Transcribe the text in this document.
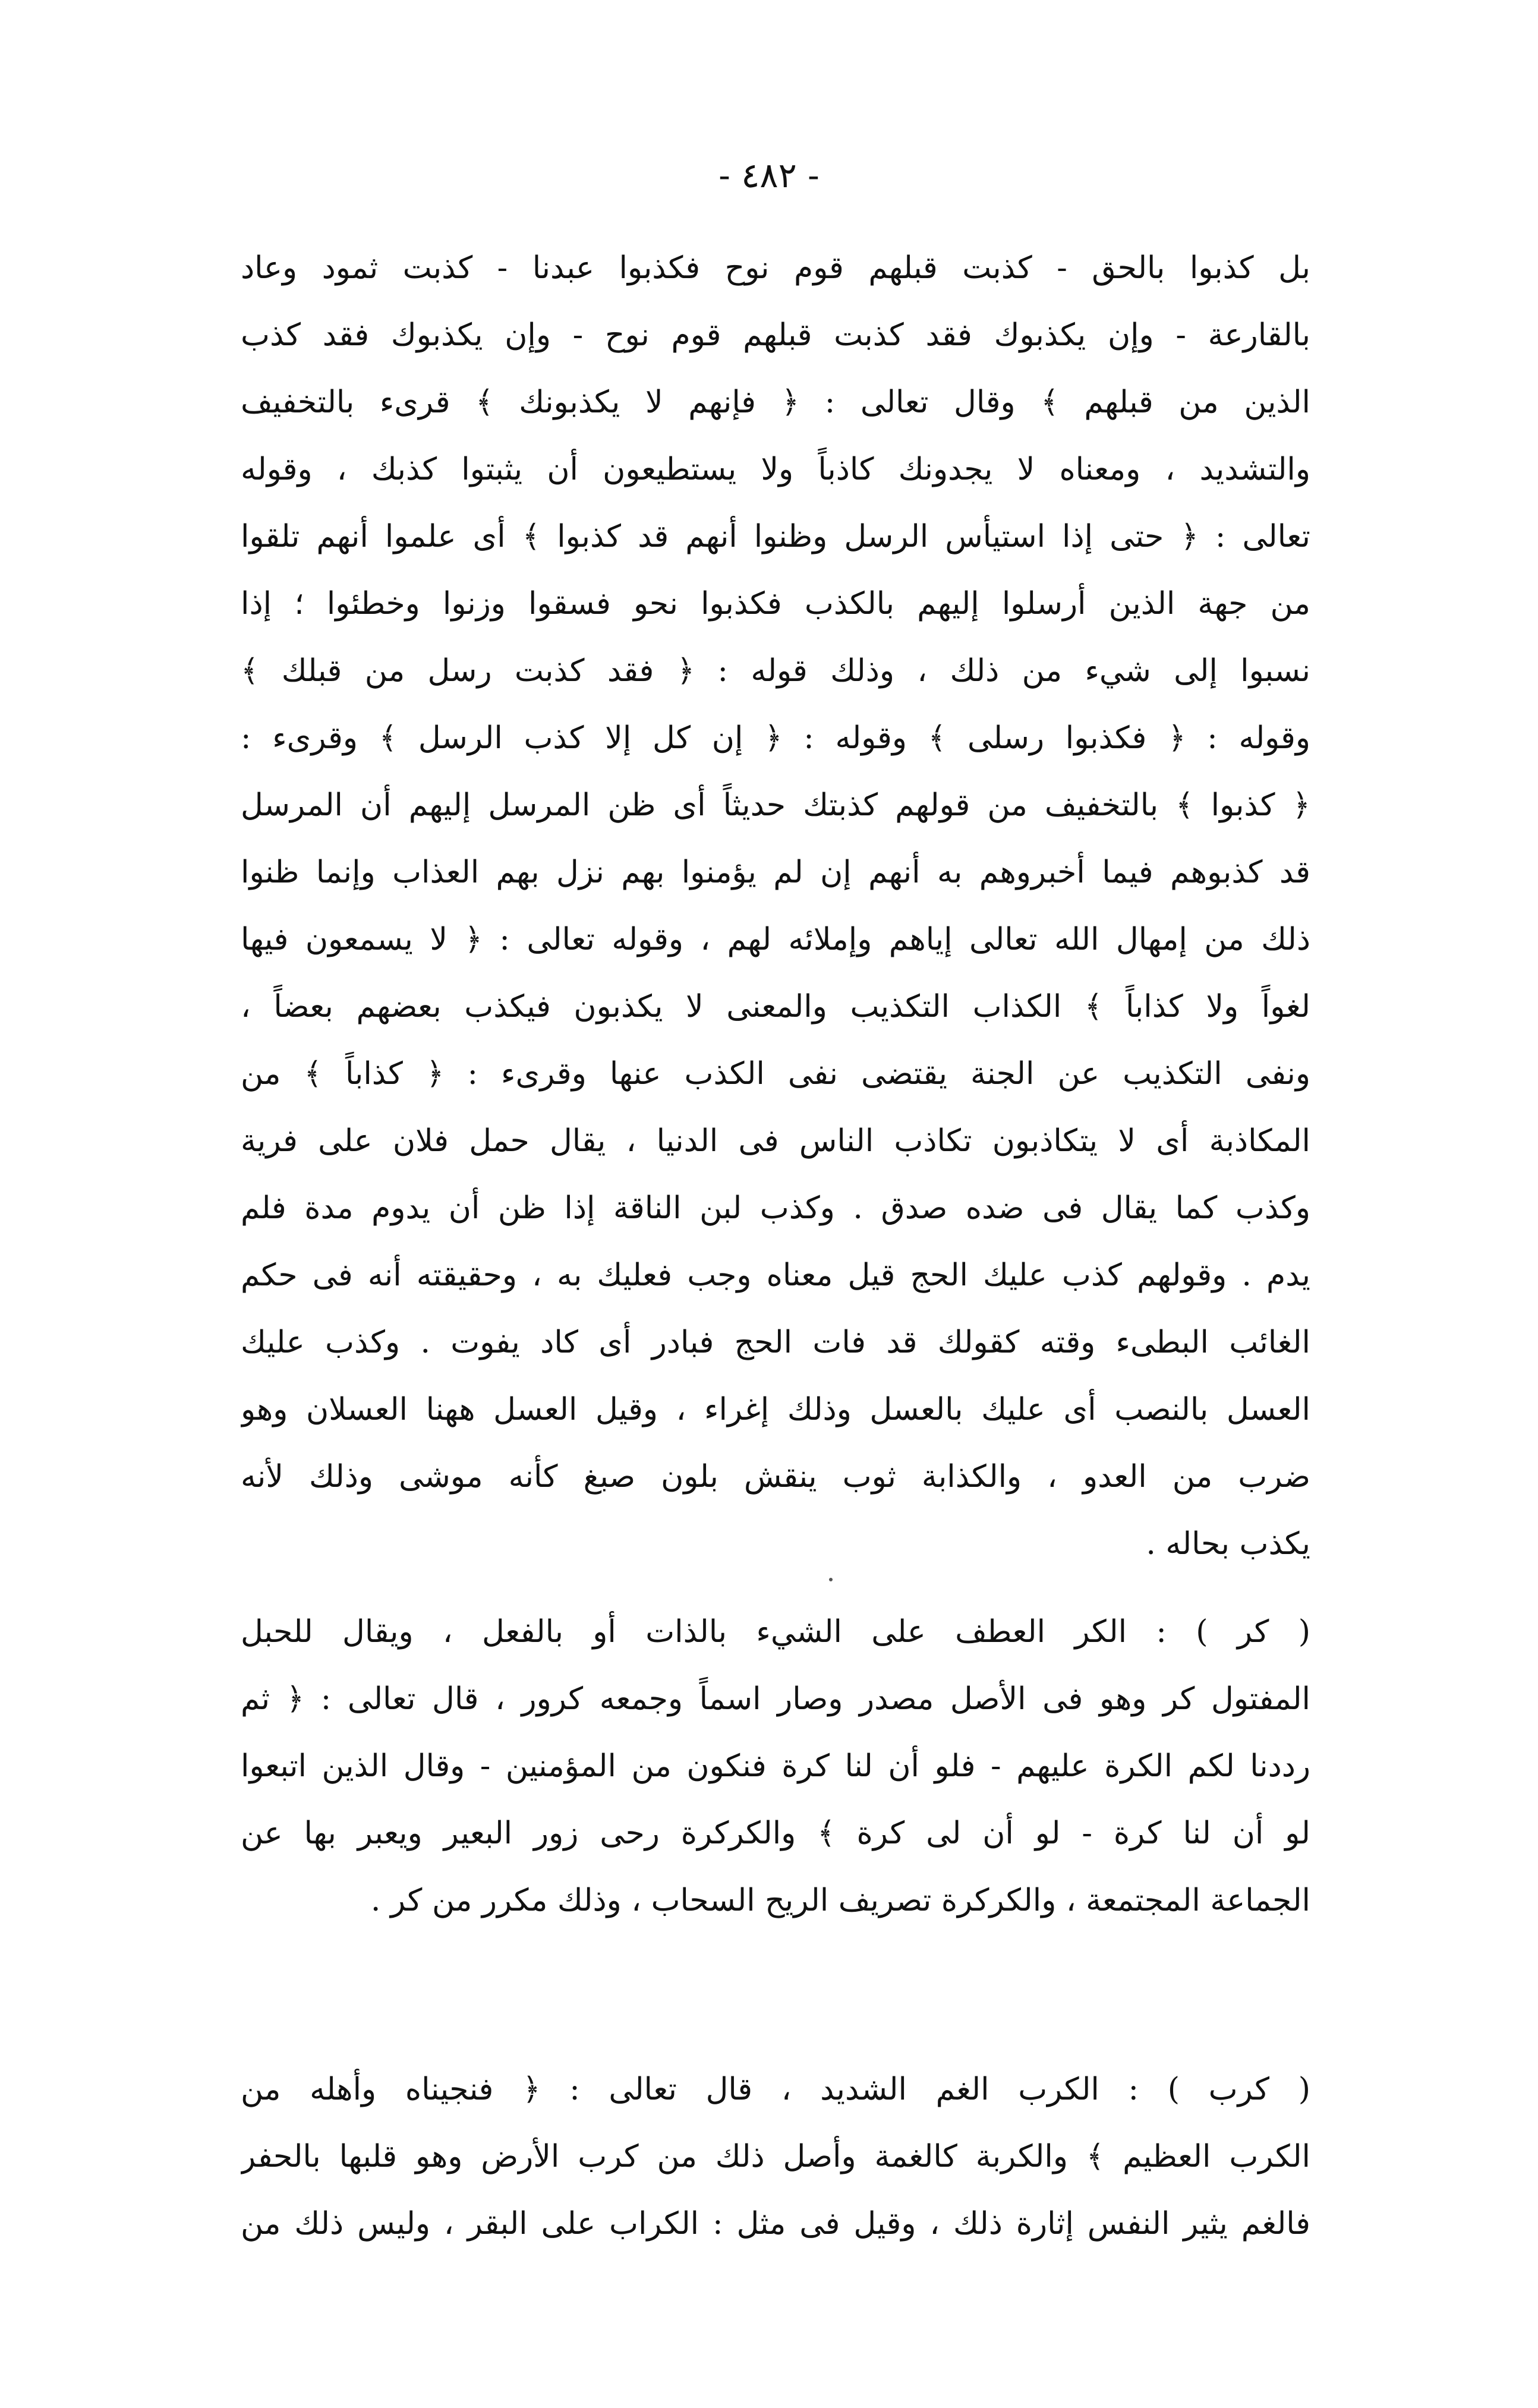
- ٤٨٢ -
بل كذبوا بالحق - كذبت قبلهم قوم نوح فكذبوا عبدنا - كذبت ثمود وعاد
بالقارعة - وإن يكذبوك فقد كذبت قبلهم قوم نوح - وإن يكذبوك فقد كذب
الذين من قبلهم ﴾ وقال تعالى : ﴿ فإنهم لا يكذبونك ﴾ قرىء بالتخفيف
والتشديد ، ومعناه لا يجدونك كاذباً ولا يستطيعون أن يثبتوا كذبك ، وقوله
تعالى : ﴿ حتى إذا استيأس الرسل وظنوا أنهم قد كذبوا ﴾ أى علموا أنهم تلقوا
من جهة الذين أرسلوا إليهم بالكذب فكذبوا نحو فسقوا وزنوا وخطئوا ؛ إذا
نسبوا إلى شيء من ذلك ، وذلك قوله : ﴿ فقد كذبت رسل من قبلك ﴾
وقوله : ﴿ فكذبوا رسلى ﴾ وقوله : ﴿ إن كل إلا كذب الرسل ﴾ وقرىء :
﴿ كذبوا ﴾ بالتخفيف من قولهم كذبتك حديثاً أى ظن المرسل إليهم أن المرسل
قد كذبوهم فيما أخبروهم به أنهم إن لم يؤمنوا بهم نزل بهم العذاب وإنما ظنوا
ذلك من إمهال الله تعالى إياهم وإملائه لهم ، وقوله تعالى : ﴿ لا يسمعون فيها
لغواً ولا كذاباً ﴾ الكذاب التكذيب والمعنى لا يكذبون فيكذب بعضهم بعضاً ،
ونفى التكذيب عن الجنة يقتضى نفى الكذب عنها وقرىء : ﴿ كذاباً ﴾ من
المكاذبة أى لا يتكاذبون تكاذب الناس فى الدنيا ، يقال حمل فلان على فرية
وكذب كما يقال فى ضده صدق . وكذب لبن الناقة إذا ظن أن يدوم مدة فلم
يدم . وقولهم كذب عليك الحج قيل معناه وجب فعليك به ، وحقيقته أنه فى حكم
الغائب البطىء وقته كقولك قد فات الحج فبادر أى كاد يفوت . وكذب عليك
العسل بالنصب أى عليك بالعسل وذلك إغراء ، وقيل العسل ههنا العسلان وهو
ضرب من العدو ، والكذابة ثوب ينقش بلون صبغ كأنه موشى وذلك لأنه
يكذب بحاله .
( كر ) : الكر العطف على الشيء بالذات أو بالفعل ، ويقال للحبل
المفتول كر وهو فى الأصل مصدر وصار اسماً وجمعه كرور ، قال تعالى : ﴿ ثم
رددنا لكم الكرة عليهم - فلو أن لنا كرة فنكون من المؤمنين - وقال الذين اتبعوا
لو أن لنا كرة - لو أن لى كرة ﴾ والكركرة رحى زور البعير ويعبر بها عن
الجماعة المجتمعة ، والكركرة تصريف الريح السحاب ، وذلك مكرر من كر .
( كرب ) : الكرب الغم الشديد ، قال تعالى : ﴿ فنجيناه وأهله من
الكرب العظيم ﴾ والكربة كالغمة وأصل ذلك من كرب الأرض وهو قلبها بالحفر
فالغم يثير النفس إثارة ذلك ، وقيل فى مثل : الكراب على البقر ، وليس ذلك من
